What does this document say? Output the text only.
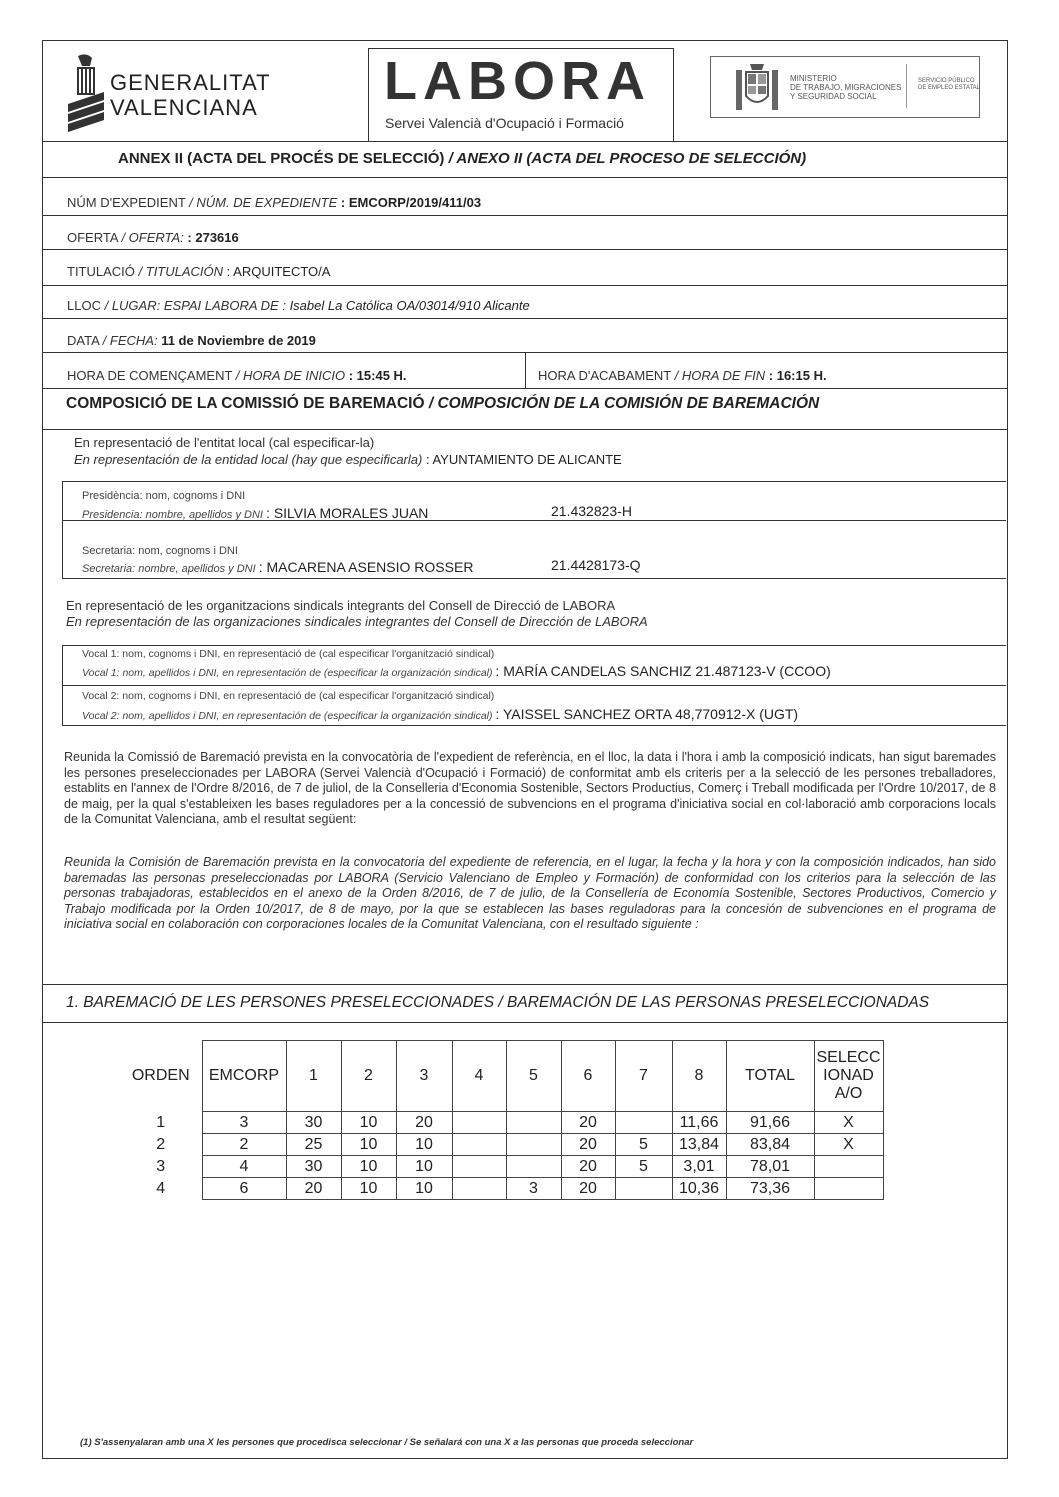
GENERALITAT
VALENCIANA LABORA
Servei Valencià d'Ocupació i Formació
MINISTERIO
DE TRABAJO, MIGRACIONES
Y SEGURIDAD SOCIAL
SERVICIO PÚBLICO
DE EMPLEO ESTATAL
ANNEX II (ACTA DEL PROCÉS DE SELECCIÓ) / ANEXO II (ACTA DEL PROCESO DE SELECCIÓN)
NÚM D'EXPEDIENT / NÚM. DE EXPEDIENTE : EMCORP/2019/411/03
OFERTA / OFERTA: : 273616
TITULACIÓ / TITULACIÓN : ARQUITECTO/A
LLOC / LUGAR: ESPAI LABORA DE : Isabel La Católica OA/03014/910 Alicante
DATA / FECHA: 11 de Noviembre de 2019
HORA DE COMENÇAMENT / HORA DE INICIO : 15:45 H.	HORA D'ACABAMENT / HORA DE FIN : 16:15 H.
COMPOSICIÓ DE LA COMISSIÓ DE BAREMACIÓ / COMPOSICIÓN DE LA COMISIÓN DE BAREMACIÓN
En representació de l'entitat local (cal especificar-la)
En representación de la entidad local (hay que especificarla) : AYUNTAMIENTO DE ALICANTE
Presidència: nom, cognoms i DNI
Presidencia: nombre, apellidos y DNI : SILVIA MORALES JUAN	21.432823-H
Secretaria: nom, cognoms i DNI
Secretaria: nombre, apellidos y DNI : MACARENA ASENSIO ROSSER	21.4428173-Q
En representació de les organitzacions sindicals integrants del Consell de Direcció de LABORA
En representación de las organizaciones sindicales integrantes del Consell de Dirección de LABORA
Vocal 1: nom, cognoms i DNI, en representació de (cal especificar l'organització sindical)
Vocal 1: nom, apellidos i DNI, en representación de (especificar la organización sindical) : MARÍA CANDELAS SANCHIZ 21.487123-V (CCOO)
Vocal 2: nom, cognoms i DNI, en representació de (cal especificar l'organització sindical)
Vocal 2: nom, apellidos i DNI, en representación de (especificar la organización sindical) : YAISSEL SANCHEZ ORTA 48,770912-X (UGT)
Reunida la Comissió de Baremació prevista en la convocatòria de l'expedient de referència, en el lloc, la data i l'hora i amb la composició indicats, han sigut baremades les persones preseleccionades per LABORA (Servei Valencià d'Ocupació i Formació) de conformitat amb els criteris per a la selecció de les persones treballadores, establits en l'annex de l'Ordre 8/2016, de 7 de juliol, de la Conselleria d'Economia Sostenible, Sectors Productius, Comerç i Treball modificada per l'Ordre 10/2017, de 8 de maig, per la qual s'estableixen les bases reguladores per a la concessió de subvencions en el programa d'iniciativa social en col·laboració amb corporacions locals de la Comunitat Valenciana, amb el resultat següent:
Reunida la Comisión de Baremación prevista en la convocatoria del expediente de referencia, en el lugar, la fecha y la hora y con la composición indicados, han sido baremadas las personas preseleccionadas por LABORA (Servicio Valenciano de Empleo y Formación) de conformidad con los criterios para la selección de las personas trabajadoras, establecidos en el anexo de la Orden 8/2016, de 7 de julio, de la Consellería de Economía Sostenible, Sectores Productivos, Comercio y Trabajo modificada por la Orden 10/2017, de 8 de mayo, por la que se establecen las bases reguladoras para la concesión de subvenciones en el programa de iniciativa social en colaboración con corporaciones locales de la Comunitat Valenciana, con el resultado siguiente :
1. BAREMACIÓ DE LES PERSONES PRESELECCIONADES / BAREMACIÓN DE LAS PERSONAS PRESELECCIONADAS
ORDEN	EMCORP	1	2	3	4	5	6	7	8	TOTAL	SELECC IONAD A/O
1	3	30	10	20			20		11,66	91,66	X
2	2	25	10	10			20	5	13,84	83,84	X
3	4	30	10	10			20	5	3,01	78,01	
4	6	20	10	10		3	20		10,36	73,36	
(1) S'assenyalaran amb una X les persones que procedisca seleccionar / Se señalará con una X a las personas que proceda seleccionar
